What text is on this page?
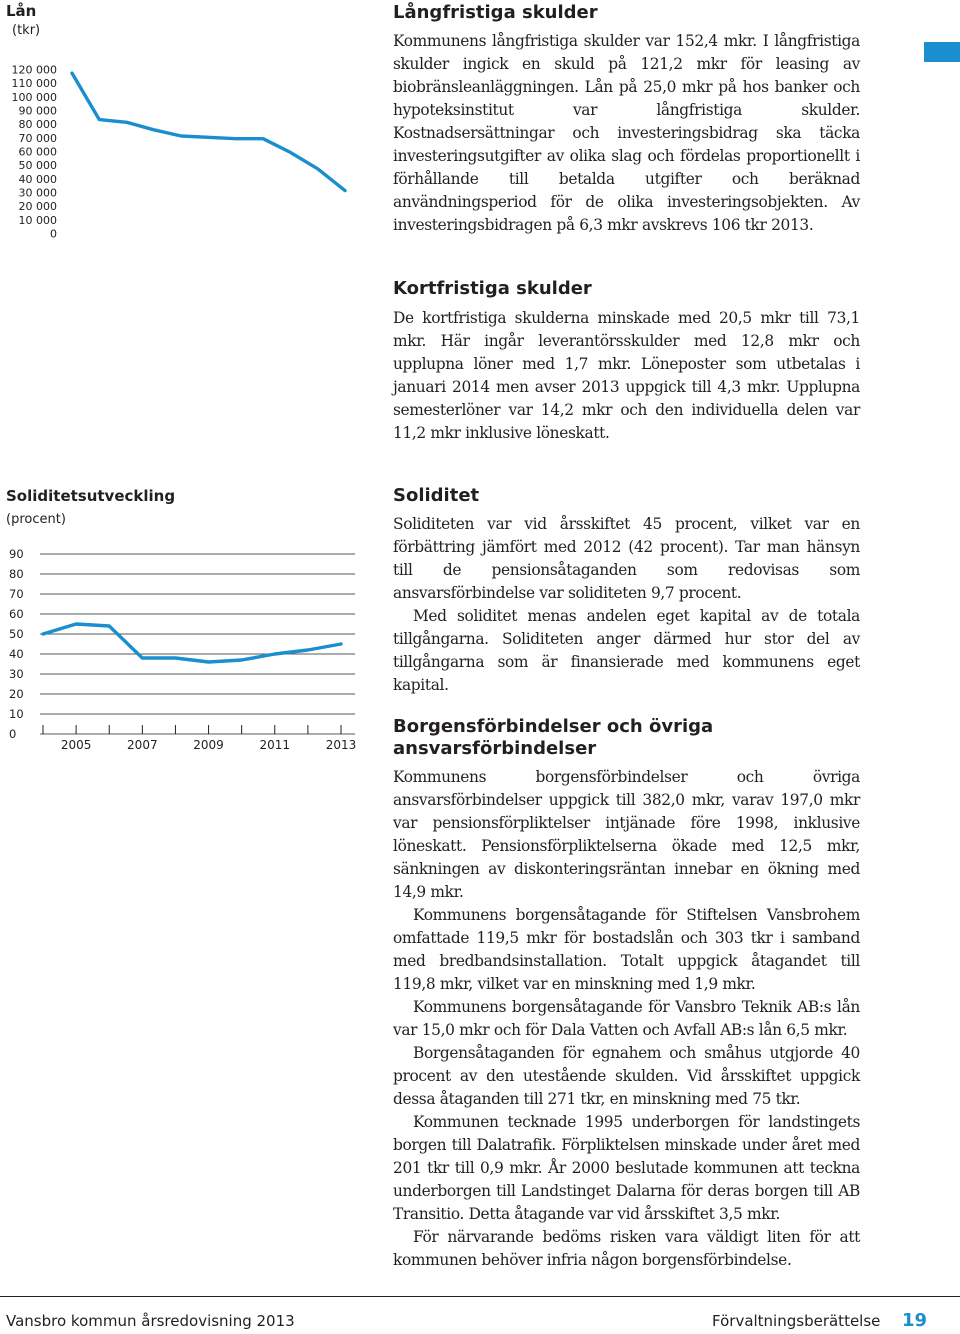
120 000
110 000
100 000
90 000
80 000
70 000
60 000
50 000
40 000
30 000
20 000
10 000
0
Lån
(tkr)
Långfristiga skulder

Kommunens långfristiga skulder var 152,4 mkr. I långfristiga skulder ingick en skuld på 121,2 mkr för leasing av biobränsleanläggningen. Lån på 25,0 mkr på hos banker och hypoteksinstitut var långfristiga skulder. Kostnadsersättningar och investeringsbidrag ska täcka investeringsutgifter av olika slag och fördelas proportionellt i förhållande till betalda utgifter och beräknad användningsperiod för de olika investeringsobjekten. Av investeringsbidragen på 6,3 mkr avskrevs 106 tkr 2013.

Kortfristiga skulder

De kortfristiga skulderna minskade med 20,5 mkr till 73,1 mkr. Här ingår leverantörsskulder med 12,8 mkr och upplupna löner med 1,7 mkr. Löneposter som utbetalas i januari 2014 men avser 2013 uppgick till 4,3 mkr. Upplupna semesterlöner var 14,2 mkr och den individuella delen var 11,2 mkr inklusive löneskatt.

90
80
70
60
50
40
30
20
10
0
2005	2007	2009	2011	2013
Soliditetsutveckling
(procent)
Soliditet

Soliditeten var vid årsskiftet 45 procent, vilket var en förbättring jämfört med 2012 (42 procent). Tar man hänsyn till de pensionsåtaganden som redovisas som ansvarsförbindelse var soliditeten 9,7 procent.

Med soliditet menas andelen eget kapital av de totala tillgångarna. Soliditeten anger därmed hur stor del av tillgångarna som är finansierade med kommunens eget kapital.

Borgensförbindelser och övriga ansvarsförbindelser

Kommunens borgensförbindelser och övriga ansvarsförbindelser uppgick till 382,0 mkr, varav 197,0 mkr var pensionsförpliktelser intjänade före 1998, inklusive löneskatt. Pensionsförpliktelserna ökade med 12,5 mkr, sänkningen av diskonteringsräntan innebar en ökning med 14,9 mkr.

Kommunens borgensåtagande för Stiftelsen Vansbrohem omfattade 119,5 mkr för bostadslån och 303 tkr i samband med bredbandsinstallation. Totalt uppgick åtagandet till 119,8 mkr, vilket var en minskning med 1,9 mkr.

Kommunens borgensåtagande för Vansbro Teknik AB:s lån var 15,0 mkr och för Dala Vatten och Avfall AB:s lån 6,5 mkr.

Borgensåtaganden för egnahem och småhus utgjorde 40 procent av den utestående skulden. Vid årsskiftet uppgick dessa åtaganden till 271 tkr, en minskning med 75 tkr.

Kommunen tecknade 1995 underborgen för landstingets borgen till Dalatrafik. Förpliktelsen minskade under året med 201 tkr till 0,9 mkr. År 2000 beslutade kommunen att teckna underborgen till Landstinget Dalarna för deras borgen till AB Transitio. Detta åtagande var vid årsskiftet 3,5 mkr.

För närvarande bedöms risken vara väldigt liten för att kommunen behöver infria någon borgensförbindelse.

Vansbro kommun årsredovisning 2013	Förvaltningsberättelse 19
